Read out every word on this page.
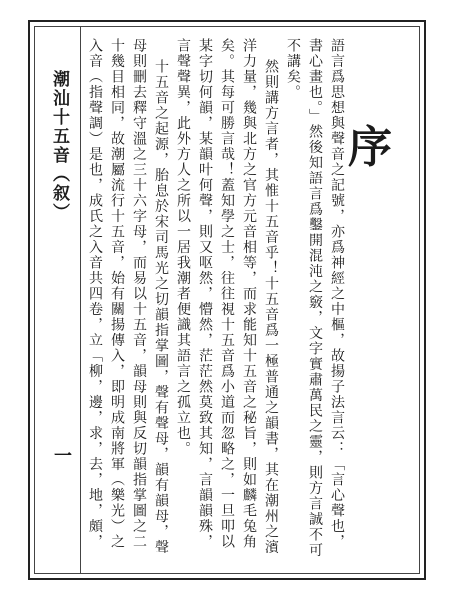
潮汕十五音（叙）
一
序

語言爲思想與聲音之記號，亦爲神經之中樞，故揚子法言云：「言心聲也，書心畫也。」然後知語言爲鑿開混沌之竅，文字實肅萬民之靈，則方言誠不可不講矣。

然則講方言者，其惟十五音乎！十五音爲一極普通之韻書，其在潮州之濱洋力量，幾與北方之官方元音相等，而求能知十五音之秘旨，則如麟毛兔角矣。其每可勝言哉！蓋知學之士，往往視十五音爲小道而忽略之，一旦叩以某字切何韻，某韻叶何聲，則又呕然，懵然，茫茫然莫致其知，言韻韻殊，言聲聲異，此外方人之所以一居我潮者便識其語言之孤立也。

十五音之起源，胎息於宋司馬光之切韻指掌圖，聲有聲母，韻有韻母，聲母則刪去釋守溫之三十六字母，而易以十五音，韻母則與反切韻指掌圖之二十幾目相同，故潮屬流行十五音，始有關揚傳入，即明成南將軍（樂光）之入音（指聲調）是也，成氏之入音共四卷，立「柳，邊，求，去，地，頗，
